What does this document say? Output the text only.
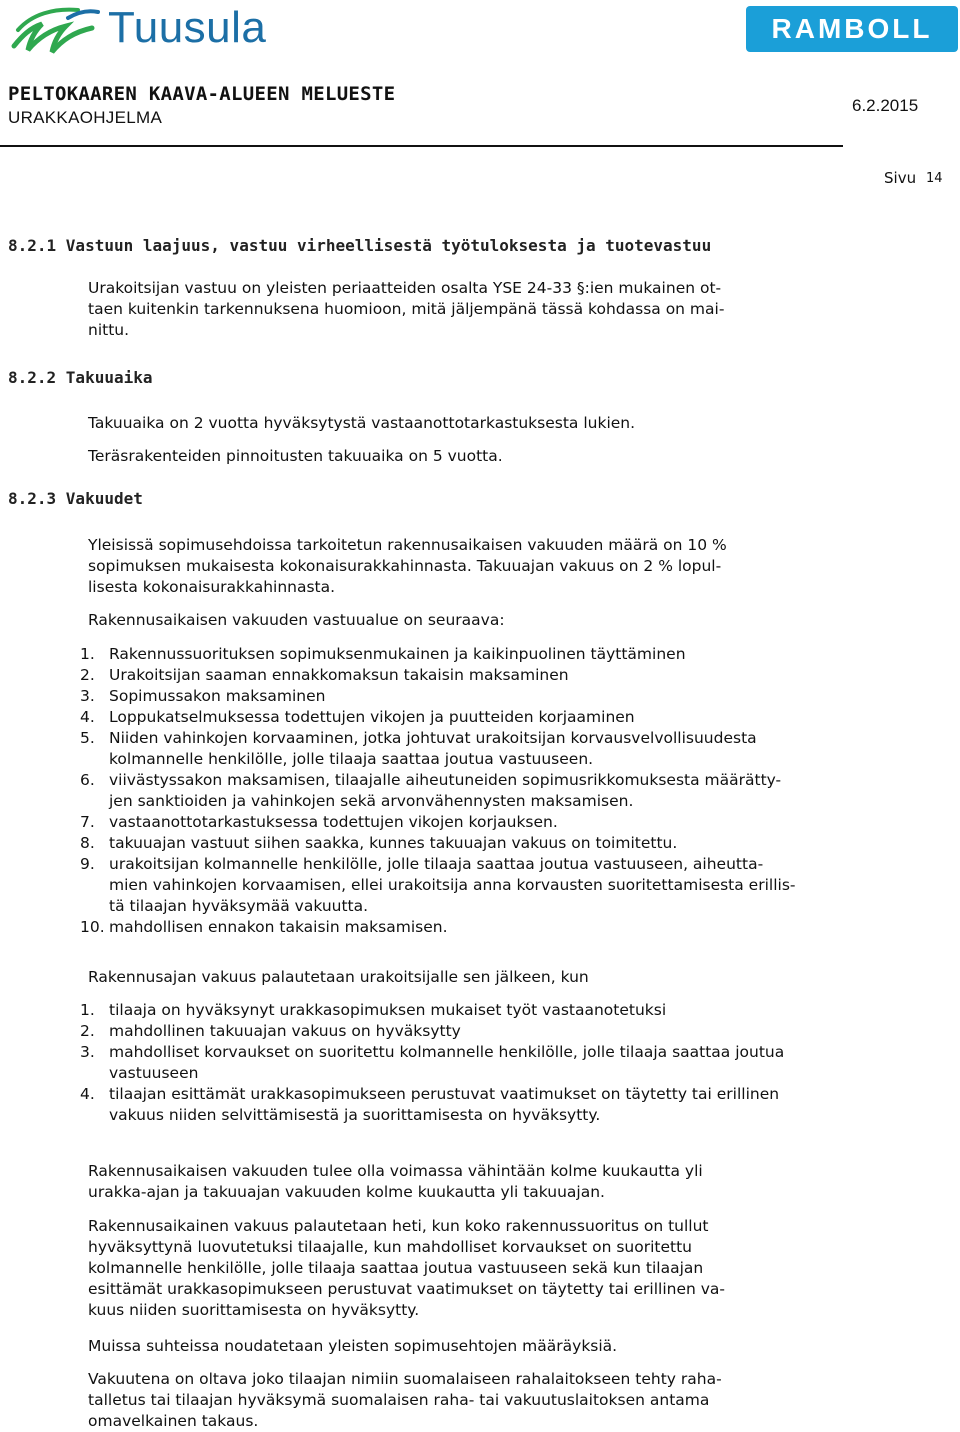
Tuusula	RAMBOLL
PELTOKAAREN KAAVA-ALUEEN MELUESTE
URAKKAOHJELMA
6.2.2015
Sivu 14
8.2.1 Vastuun laajuus, vastuu virheellisestä työtuloksesta ja tuotevastuu
Urakoitsijan vastuu on yleisten periaatteiden osalta YSE 24-33 §:ien mukainen ot-
taen kuitenkin tarkennuksena huomioon, mitä jäljempänä tässä kohdassa on mai-
nittu.
8.2.2 Takuuaika
Takuuaika on 2 vuotta hyväksytystä vastaanottotarkastuksesta lukien.
Teräsrakenteiden pinnoitusten takuuaika on 5 vuotta.
8.2.3 Vakuudet
Yleisissä sopimusehdoissa tarkoitetun rakennusaikaisen vakuuden määrä on 10 %
sopimuksen mukaisesta kokonaisurakkahinnasta. Takuuajan vakuus on 2 % lopul-
lisesta kokonaisurakkahinnasta.
Rakennusaikaisen vakuuden vastuualue on seuraava:
1. Rakennussuorituksen sopimuksenmukainen ja kaikinpuolinen täyttäminen
2. Urakoitsijan saaman ennakkomaksun takaisin maksaminen
3. Sopimussakon maksaminen
4. Loppukatselmuksessa todettujen vikojen ja puutteiden korjaaminen
5. Niiden vahinkojen korvaaminen, jotka johtuvat urakoitsijan korvausvelvollisuudesta
kolmannelle henkilölle, jolle tilaaja saattaa joutua vastuuseen.
6. viivästyssakon maksamisen, tilaajalle aiheutuneiden sopimusrikkomuksesta määrätty-
jen sanktioiden ja vahinkojen sekä arvonvähennysten maksamisen.
7. vastaanottotarkastuksessa todettujen vikojen korjauksen.
8. takuuajan vastuut siihen saakka, kunnes takuuajan vakuus on toimitettu.
9. urakoitsijan kolmannelle henkilölle, jolle tilaaja saattaa joutua vastuuseen, aiheutta-
mien vahinkojen korvaamisen, ellei urakoitsija anna korvausten suoritettamisesta erillis-
tä tilaajan hyväksymää vakuutta.
10. mahdollisen ennakon takaisin maksamisen.
Rakennusajan vakuus palautetaan urakoitsijalle sen jälkeen, kun
1. tilaaja on hyväksynyt urakkasopimuksen mukaiset työt vastaanotetuksi
2. mahdollinen takuuajan vakuus on hyväksytty
3. mahdolliset korvaukset on suoritettu kolmannelle henkilölle, jolle tilaaja saattaa joutua
vastuuseen
4. tilaajan esittämät urakkasopimukseen perustuvat vaatimukset on täytetty tai erillinen
vakuus niiden selvittämisestä ja suorittamisesta on hyväksytty.
Rakennusaikaisen vakuuden tulee olla voimassa vähintään kolme kuukautta yli
urakka-ajan ja takuuajan vakuuden kolme kuukautta yli takuuajan.
Rakennusaikainen vakuus palautetaan heti, kun koko rakennussuoritus on tullut
hyväksyttynä luovutetuksi tilaajalle, kun mahdolliset korvaukset on suoritettu
kolmannelle henkilölle, jolle tilaaja saattaa joutua vastuuseen sekä kun tilaajan
esittämät urakkasopimukseen perustuvat vaatimukset on täytetty tai erillinen va-
kuus niiden suorittamisesta on hyväksytty.
Muissa suhteissa noudatetaan yleisten sopimusehtojen määräyksiä.
Vakuutena on oltava joko tilaajan nimiin suomalaiseen rahalaitokseen tehty raha-
talletus tai tilaajan hyväksymä suomalaisen raha- tai vakuutuslaitoksen antama
omavelkainen takaus.
